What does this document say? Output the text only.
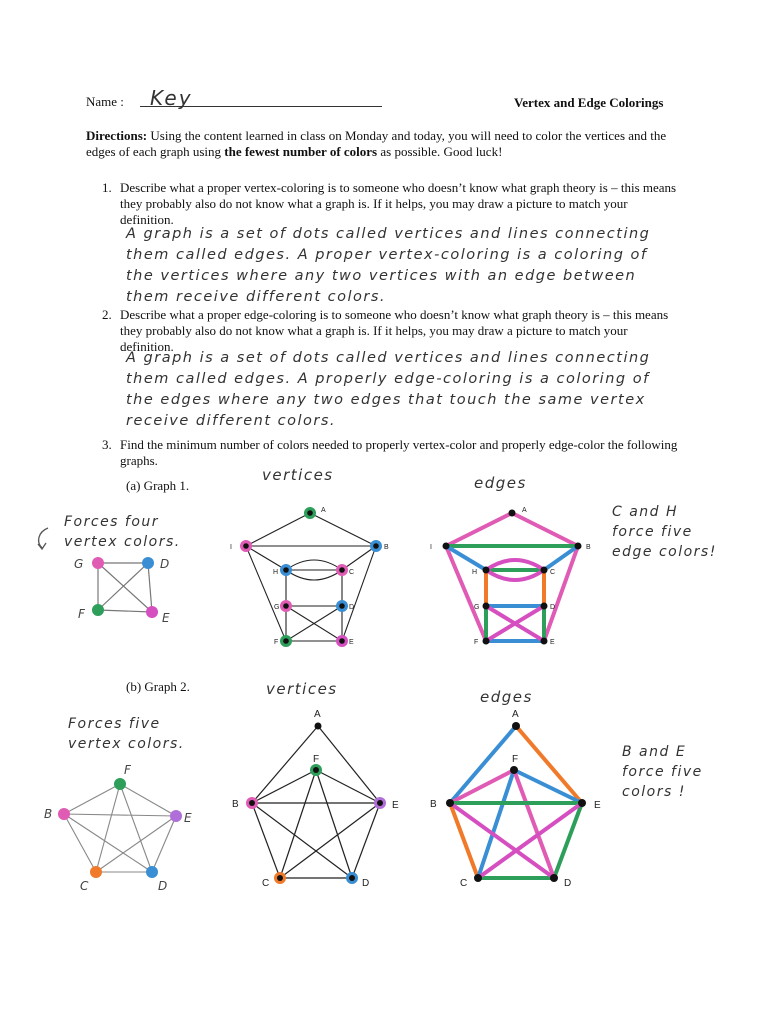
Name : Key	Vertex and Edge Colorings
Directions: Using the content learned in class on Monday and today, you will need to color the vertices and the edges of each graph using the fewest number of colors as possible. Good luck!
1. Describe what a proper vertex-coloring is to someone who doesn’t know what graph theory is – this means they probably also do not know what a graph is. If it helps, you may draw a picture to match your definition.
A graph is a set of dots called vertices and lines connecting
them called edges. A proper vertex-coloring is a coloring of
the vertices where any two vertices with an edge between
them receive different colors.
2. Describe what a proper edge-coloring is to someone who doesn’t know what graph theory is – this means they probably also do not know what a graph is. If it helps, you may draw a picture to match your definition.
A graph is a set of dots called vertices and lines connecting
them called edges. A properly edge-coloring is a coloring of
the edges where any two edges that touch the same vertex
receive different colors.
3. Find the minimum number of colors needed to properly vertex-color and properly edge-color the following graphs.
(a) Graph 1.
vertices	edges
Forces four
vertex colors.
C and H
force five
edge colors!
(b) Graph 2.	vertices	edges
Forces five
vertex colors.	B and E
force five
colors !
G	D
F	E
A
B
C
D
E
F
G
H
I
A
B
C
D
E
F
G
H
I
F
B	E
C	D
A
F
B	E
C	D
A
F
B	E
C	D
